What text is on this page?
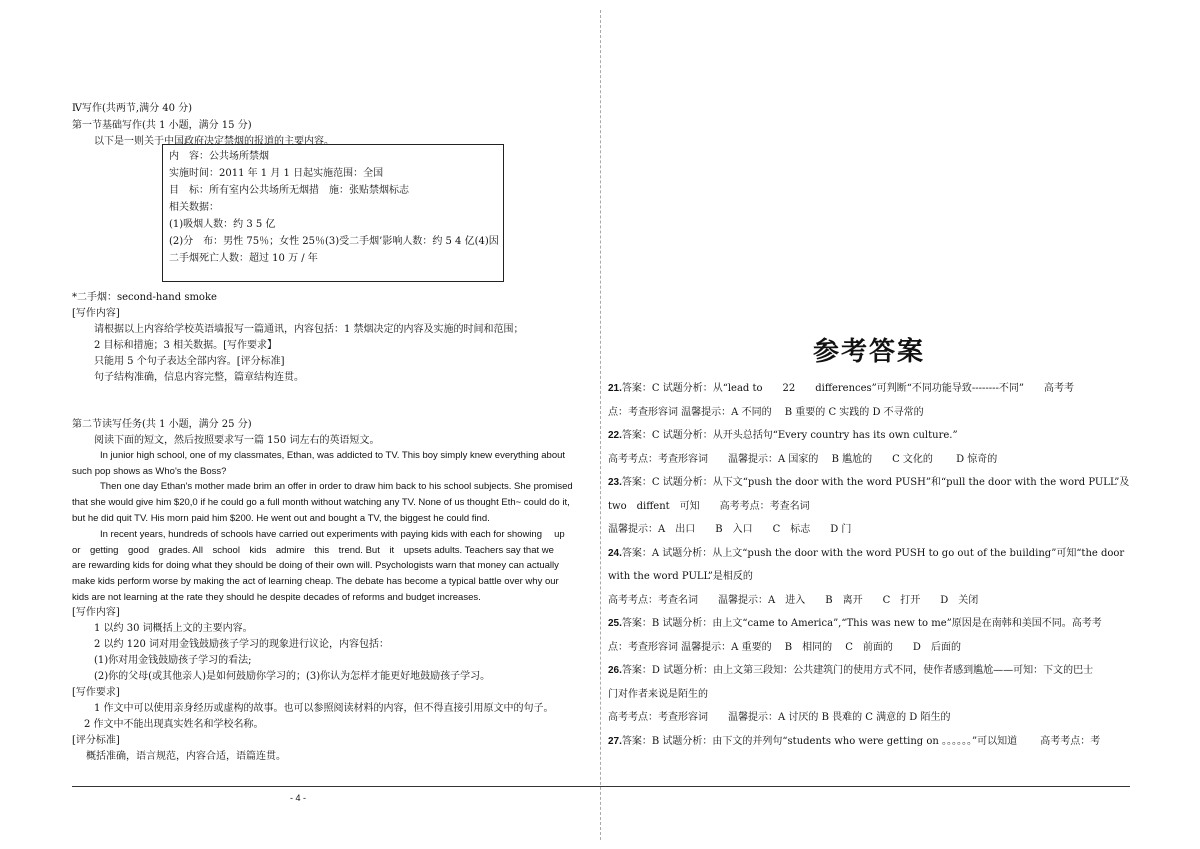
Ⅳ写作(共两节,满分 40 分)
第一节基础写作(共 1 小题，满分 15 分)
以下是一则关于中国政府决定禁烟的报道的主要内容。
内　容：公共场所禁烟
实施时间：2011 年 1 月 1 日起实施范围：全国
目　标：所有室内公共场所无烟措　施：张贴禁烟标志
相关数据：
(1)吸烟人数：约 3 5 亿
(2)分　布：男性 75％；女性 25％(3)受二手烟’影响人数：约 5 4 亿(4)因
二手烟死亡人数：超过 10 万 / 年
*二手烟：second-hand smoke
[写作内容]
请根据以上内容给学校英语墙报写一篇通讯，内容包括：1 禁烟决定的内容及实施的时间和范围；
2 目标和措施；3 相关数据。[写作要求】
只能用 5 个句子表达全部内容。[评分标准]
句子结构准确，信息内容完整，篇章结构连贯。
第二节读写任务(共 1 小题，满分 25 分)
阅读下面的短文，然后按照要求写一篇 150 词左右的英语短文。
In junior high school, one of my classmates, Ethan, was addicted to TV. This boy simply knew everything about
such pop shows as Who's the Boss?
Then one day Ethan's mother made brim an offer in order to draw him back to his school subjects. She promised
that she would give him $20,0 if he could go a full month without watching any TV. None of us thought Eth~ could do it,
but he did quit TV. His morn paid him $200. He went out and bought a TV, the biggest he could find.
In recent years, hundreds of schools have carried out experiments with paying kids with each for showing　 up
or　getting　good　grades. All　school　kids　admire　this　trend. But　it　upsets adults. Teachers say that we
are rewarding kids for doing what they should be doing of their own will. Psychologists warn that money can actually
make kids perform worse by making the act of learning cheap. The debate has become a typical battle over why our
kids are not learning at the rate they should he despite decades of reforms and budget increases.
[写作内容]
1 以约 30 词概括上文的主要内容。
2 以约 120 词对用金钱鼓励孩子学习的现象进行议论，内容包括：
(1)你对用金钱鼓励孩子学习的看法;
(2)你的父母(或其他亲人)是如何鼓励你学习的；(3)你认为怎样才能更好地鼓励孩子学习。
[写作要求]
1 作文中可以使用亲身经历或虚构的故事。也可以参照阅读材料的内容，但不得直接引用原文中的句子。
2 作文中不能出现真实姓名和学校名称。
[评分标准]
概括准确，语言规范，内容合适，语篇连贯。
参考答案
21.答案：C 试题分析：从“lead to　　22　　differences”可判断“不同功能导致--------不同”　　高考考
点：考查形容词 温馨提示：A 不同的　 B 重要的 C 实践的 D 不寻常的
22.答案：C 试题分析：从开头总括句“Every country has its own culture.”
高考考点：考查形容词　　温馨提示：A 国家的　 B 尴尬的　　C 文化的　　 D 惊奇的
23.答案：C 试题分析：从下文“push the door with the word PUSH”和“pull the door with the word PULL”及
two　diffent　可知　　高考考点：考查名词
温馨提示：A　出口　　B　入口　　C　标志　　D 门
24.答案：A 试题分析：从上文“push the door with the word PUSH to go out of the building”可知“the door
with the word PULL”是相反的
高考考点：考查名词　　温馨提示：A　进入　　B　离开　　C　打开　　D　关闭
25.答案：B 试题分析：由上文“came to America”,“This was new to me”原因是在南韩和美国不同。高考考
点：考查形容词 温馨提示：A 重要的　 B　相同的　 C　前面的　　D　后面的
26.答案：D 试题分析：由上文第三段知：公共建筑门的使用方式不同，使作者感到尴尬——可知：下文的巴士
门对作者来说是陌生的
高考考点：考查形容词　　温馨提示：A 讨厌的 B 畏难的 C 满意的 D 陌生的
27.答案：B 试题分析：由下文的并列句“students who were getting on 。。。。。。”可以知道　　 高考考点：考
- 4 -
